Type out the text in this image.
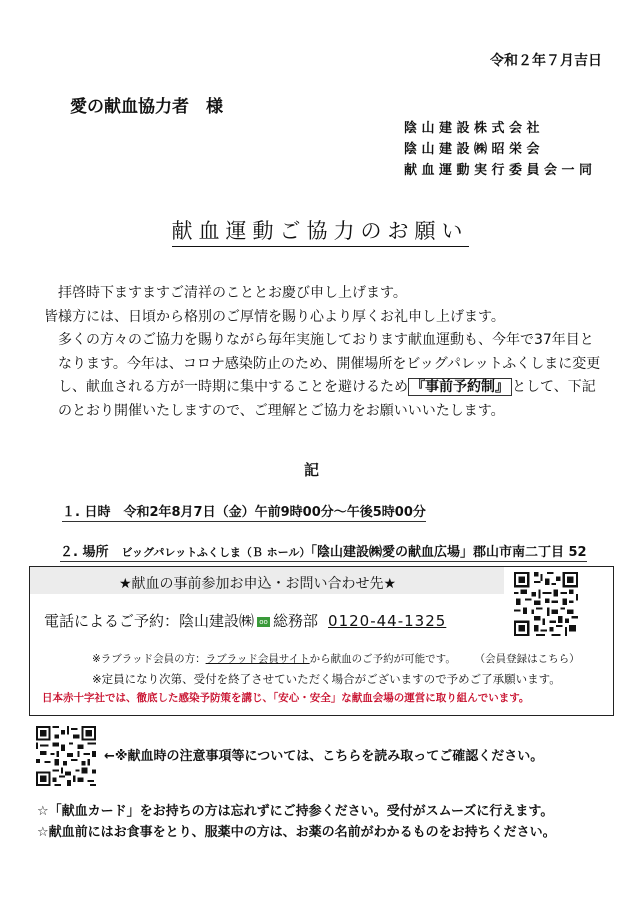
令和２年７月吉日
愛の献血協力者　様
陰山建設株式会社
陰山建設㈱昭栄会
献血運動実行委員会一同
献血運動ご協力のお願い

拝啓時下ますますご清祥のこととお慶び申し上げます。

皆様方には、日頃から格別のご厚情を賜り心より厚くお礼申し上げます。

多くの方々のご協力を賜りながら毎年実施しております献血運動も、今年で37年目となります。今年は、コロナ感染防止のため、開催場所をビッグパレットふくしまに変更し、献血される方が一時期に集中することを避けるため 『事前予約制』 として、下記のとおり開催いたしますので、ご理解とご協力をお願いいいたします。

記
１. 日時　令和2年8月7日（金）午前9時00分～午後5時00分
２. 場所　ビッグパレットふくしま（Ｂ ホール）「陰山建設㈱愛の献血広場」郡山市南二丁目 52
★献血の事前参加お申込・お問い合わせ先★
電話によるご予約：陰山建設㈱ oo 総務部 0120-44-1325
※ラブラッド会員の方：ラブラッド会員サイトから献血のご予約が可能です。 （会員登録はこちら）
※定員になり次第、受付を終了させていただく場合がございますので予めご了承願います。
日本赤十字社では、徹底した感染予防策を講じ、「安心・安全」な献血会場の運営に取り組んでいます。
←※献血時の注意事項等については、こちらを読み取ってご確認ください。
☆「献血カード」をお持ちの方は忘れずにご持参ください。受付がスムーズに行えます。
☆献血前にはお食事をとり、服薬中の方は、お薬の名前がわかるものをお持ちください。
